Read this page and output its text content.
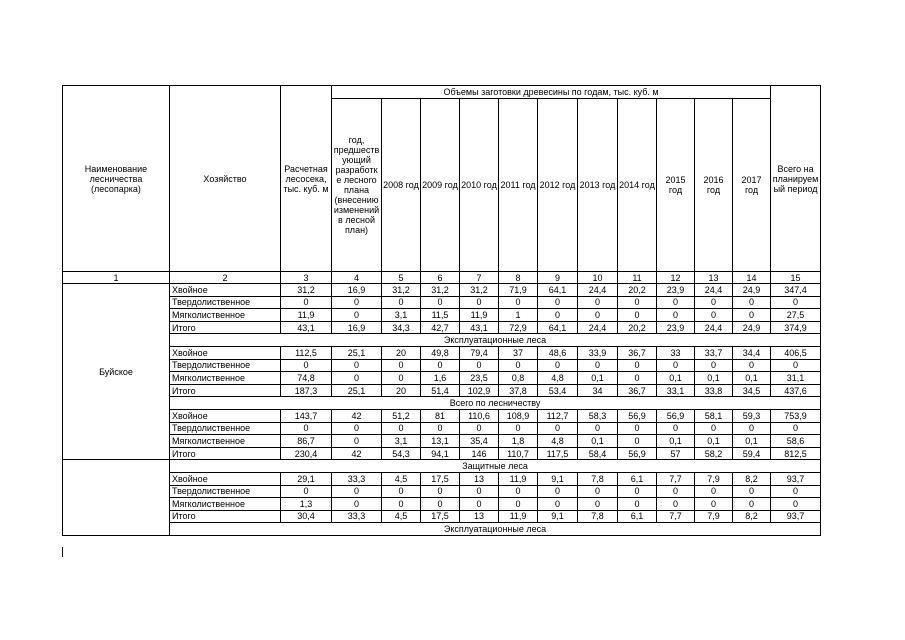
Наименование лесничества (лесопарка)	Хозяйство	Расчетная лесосека, тыс. куб. м	Объемы заготовки древесины по годам, тыс. куб. м											Всего на планируемый период
			год, предшествующий разработке лесного плана (внесению изменений в лесной план)	2008 год	2009 год	2010 год	2011 год	2012 год	2013 год	2014 год	2015 год	2016 год	2017 год	
1	2	3	4	5	6	7	8	9	10	11	12	13	14	15
Буйское	Хвойное	31,2	16,9	31,2	31,2	31,2	71,9	64,1	24,4	20,2	23,9	24,4	24,9	347,4
	Твердолиственное	0	0	0	0	0	0	0	0	0	0	0	0	0
	Мягколиственное	11,9	0	3,1	11,5	11,9	1	0	0	0	0	0	0	27,5
	Итого	43,1	16,9	34,3	42,7	43,1	72,9	64,1	24,4	20,2	23,9	24,4	24,9	374,9
	Эксплуатационные леса													
	Хвойное	112,5	25,1	20	49,8	79,4	37	48,6	33,9	36,7	33	33,7	34,4	406,5
	Твердолиственное	0	0	0	0	0	0	0	0	0	0	0	0	0
	Мягколиственное	74,8	0	0	1,6	23,5	0,8	4,8	0,1	0	0,1	0,1	0,1	31,1
	Итого	187,3	25,1	20	51,4	102,9	37,8	53,4	34	36,7	33,1	33,8	34,5	437,6
	Всего по лесничеству													
	Хвойное	143,7	42	51,2	81	110,6	108,9	112,7	58,3	56,9	56,9	58,1	59,3	753,9
	Твердолиственное	0	0	0	0	0	0	0	0	0	0	0	0	0
	Мягколиственное	86,7	0	3,1	13,1	35,4	1,8	4,8	0,1	0	0,1	0,1	0,1	58,6
	Итого	230,4	42	54,3	94,1	146	110,7	117,5	58,4	56,9	57	58,2	59,4	812,5
	Защитные леса													
	Хвойное	29,1	33,3	4,5	17,5	13	11,9	9,1	7,8	6,1	7,7	7,9	8,2	93,7
	Твердолиственное	0	0	0	0	0	0	0	0	0	0	0	0	0
	Мягколиственное	1,3	0	0	0	0	0	0	0	0	0	0	0	0
	Итого	30,4	33,3	4,5	17,5	13	11,9	9,1	7,8	6,1	7,7	7,9	8,2	93,7
	Эксплуатационные леса													
